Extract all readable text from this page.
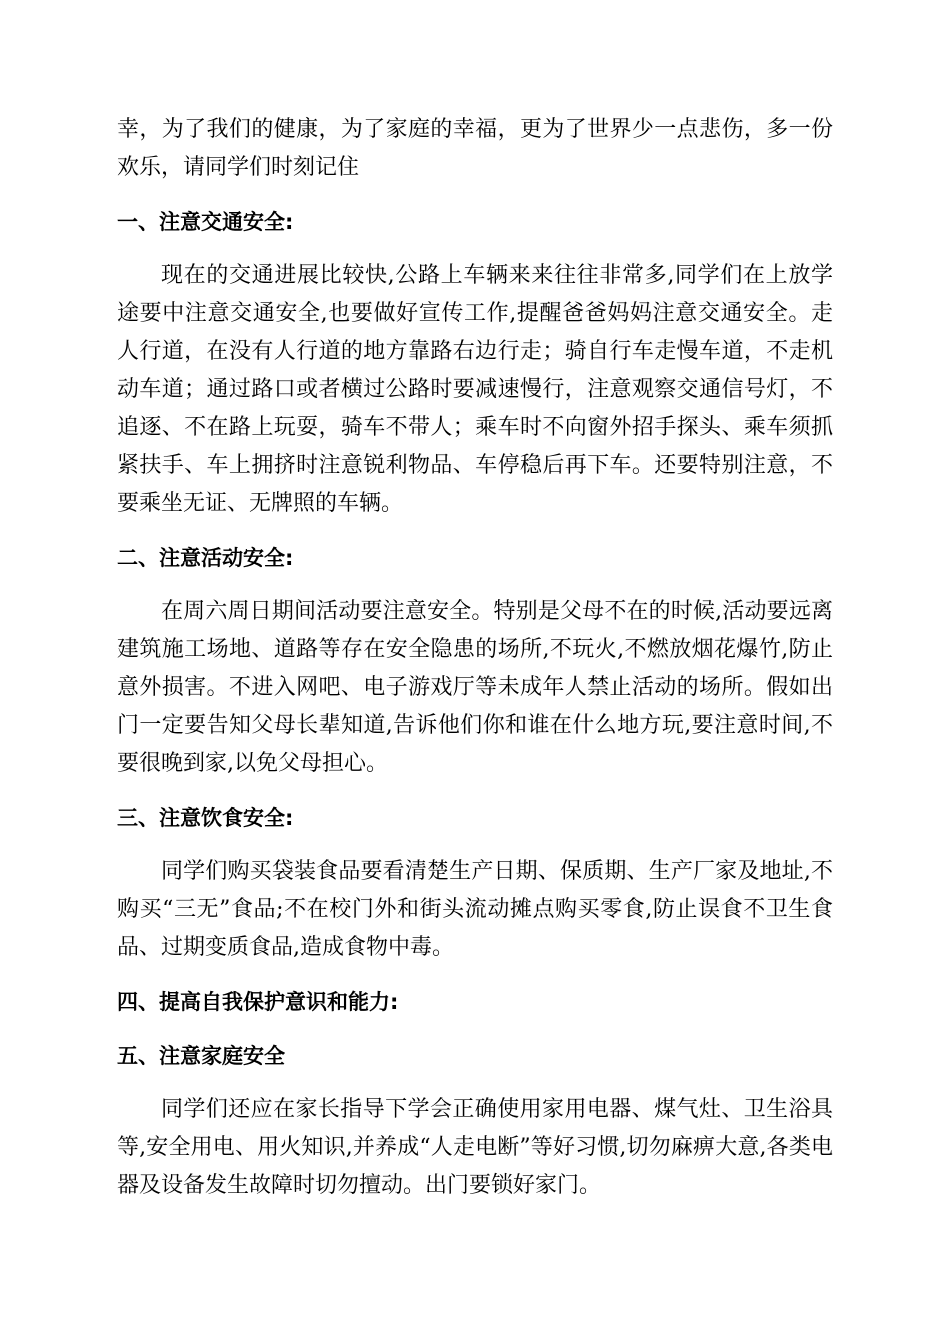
幸，为了我们的健康，为了家庭的幸福，更为了世界少一点悲伤，多一份欢乐，请同学们时刻记住

一、注意交通安全:

现在的交通进展比较快,公路上车辆来来往往非常多,同学们在上放学途要中注意交通安全,也要做好宣传工作,提醒爸爸妈妈注意交通安全。走人行道，在没有人行道的地方靠路右边行走；骑自行车走慢车道，不走机动车道；通过路口或者横过公路时要减速慢行，注意观察交通信号灯，不追逐、不在路上玩耍，骑车不带人；乘车时不向窗外招手探头、乘车须抓紧扶手、车上拥挤时注意锐利物品、车停稳后再下车。还要特别注意，不要乘坐无证、无牌照的车辆。

二、注意活动安全:

在周六周日期间活动要注意安全。特别是父母不在的时候,活动要远离建筑施工场地、道路等存在安全隐患的场所,不玩火,不燃放烟花爆竹,防止意外损害。不进入网吧、电子游戏厅等未成年人禁止活动的场所。假如出门一定要告知父母长辈知道,告诉他们你和谁在什么地方玩,要注意时间,不要很晚到家,以免父母担心。

三、注意饮食安全:

同学们购买袋装食品要看清楚生产日期、保质期、生产厂家及地址,不购买“三无”食品;不在校门外和街头流动摊点购买零食,防止误食不卫生食品、过期变质食品,造成食物中毒。

四、提高自我保护意识和能力:

五、注意家庭安全

同学们还应在家长指导下学会正确使用家用电器、煤气灶、卫生浴具等,安全用电、用火知识,并养成“人走电断”等好习惯,切勿麻痹大意,各类电器及设备发生故障时切勿擅动。出门要锁好家门。
